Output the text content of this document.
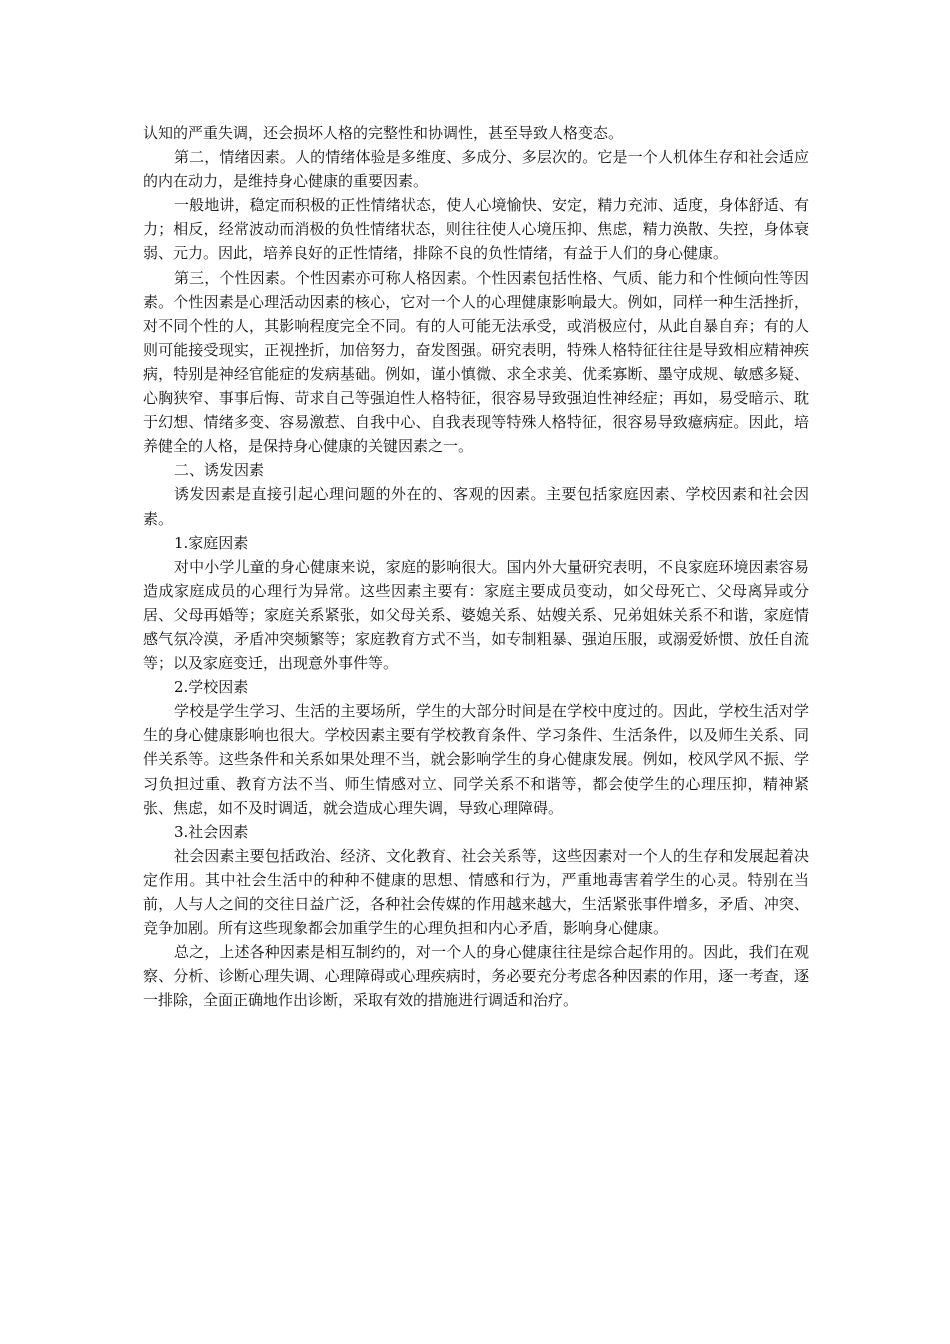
认知的严重失调，还会损坏人格的完整性和协调性，甚至导致人格变态。

第二，情绪因素。人的情绪体验是多维度、多成分、多层次的。它是一个人机体生存和社会适应的内在动力，是维持身心健康的重要因素。

一般地讲，稳定而积极的正性情绪状态，使人心境愉快、安定，精力充沛、适度，身体舒适、有力；相反，经常波动而消极的负性情绪状态，则往往使人心境压抑、焦虑，精力涣散、失控，身体衰弱、元力。因此，培养良好的正性情绪，排除不良的负性情绪，有益于人们的身心健康。

第三，个性因素。个性因素亦可称人格因素。个性因素包括性格、气质、能力和个性倾向性等因素。个性因素是心理活动因素的核心，它对一个人的心理健康影响最大。例如，同样一种生活挫折，对不同个性的人，其影响程度完全不同。有的人可能无法承受，或消极应付，从此自暴自弃；有的人则可能接受现实，正视挫折，加倍努力，奋发图强。研究表明，特殊人格特征往往是导致相应精神疾病，特别是神经官能症的发病基础。例如，谨小慎微、求全求美、优柔寡断、墨守成规、敏感多疑、心胸狭窄、事事后悔、苛求自己等强迫性人格特征，很容易导致强迫性神经症；再如，易受暗示、耽于幻想、情绪多变、容易激惹、自我中心、自我表现等特殊人格特征，很容易导致癔病症。因此，培养健全的人格，是保持身心健康的关键因素之一。

二、诱发因素

诱发因素是直接引起心理问题的外在的、客观的因素。主要包括家庭因素、学校因素和社会因素。

1.家庭因素

对中小学儿童的身心健康来说，家庭的影响很大。国内外大量研究表明，不良家庭环境因素容易造成家庭成员的心理行为异常。这些因素主要有：家庭主要成员变动，如父母死亡、父母离异或分居、父母再婚等；家庭关系紧张，如父母关系、婆媳关系、姑嫂关系、兄弟姐妹关系不和谐，家庭情感气氛冷漠，矛盾冲突频繁等；家庭教育方式不当，如专制粗暴、强迫压服，或溺爱娇惯、放任自流等；以及家庭变迁，出现意外事件等。

2.学校因素

学校是学生学习、生活的主要场所，学生的大部分时间是在学校中度过的。因此，学校生活对学生的身心健康影响也很大。学校因素主要有学校教育条件、学习条件、生活条件，以及师生关系、同伴关系等。这些条件和关系如果处理不当，就会影响学生的身心健康发展。例如，校风学风不振、学习负担过重、教育方法不当、师生情感对立、同学关系不和谐等，都会使学生的心理压抑，精神紧张、焦虑，如不及时调适，就会造成心理失调，导致心理障碍。

3.社会因素

社会因素主要包括政治、经济、文化教育、社会关系等，这些因素对一个人的生存和发展起着决定作用。其中社会生活中的种种不健康的思想、情感和行为，严重地毒害着学生的心灵。特别在当前，人与人之间的交往日益广泛，各种社会传媒的作用越来越大，生活紧张事件增多，矛盾、冲突、竞争加剧。所有这些现象都会加重学生的心理负担和内心矛盾，影响身心健康。

总之，上述各种因素是相互制约的，对一个人的身心健康往往是综合起作用的。因此，我们在观察、分析、诊断心理失调、心理障碍或心理疾病时，务必要充分考虑各种因素的作用，逐一考查，逐一排除，全面正确地作出诊断，采取有效的措施进行调适和治疗。
